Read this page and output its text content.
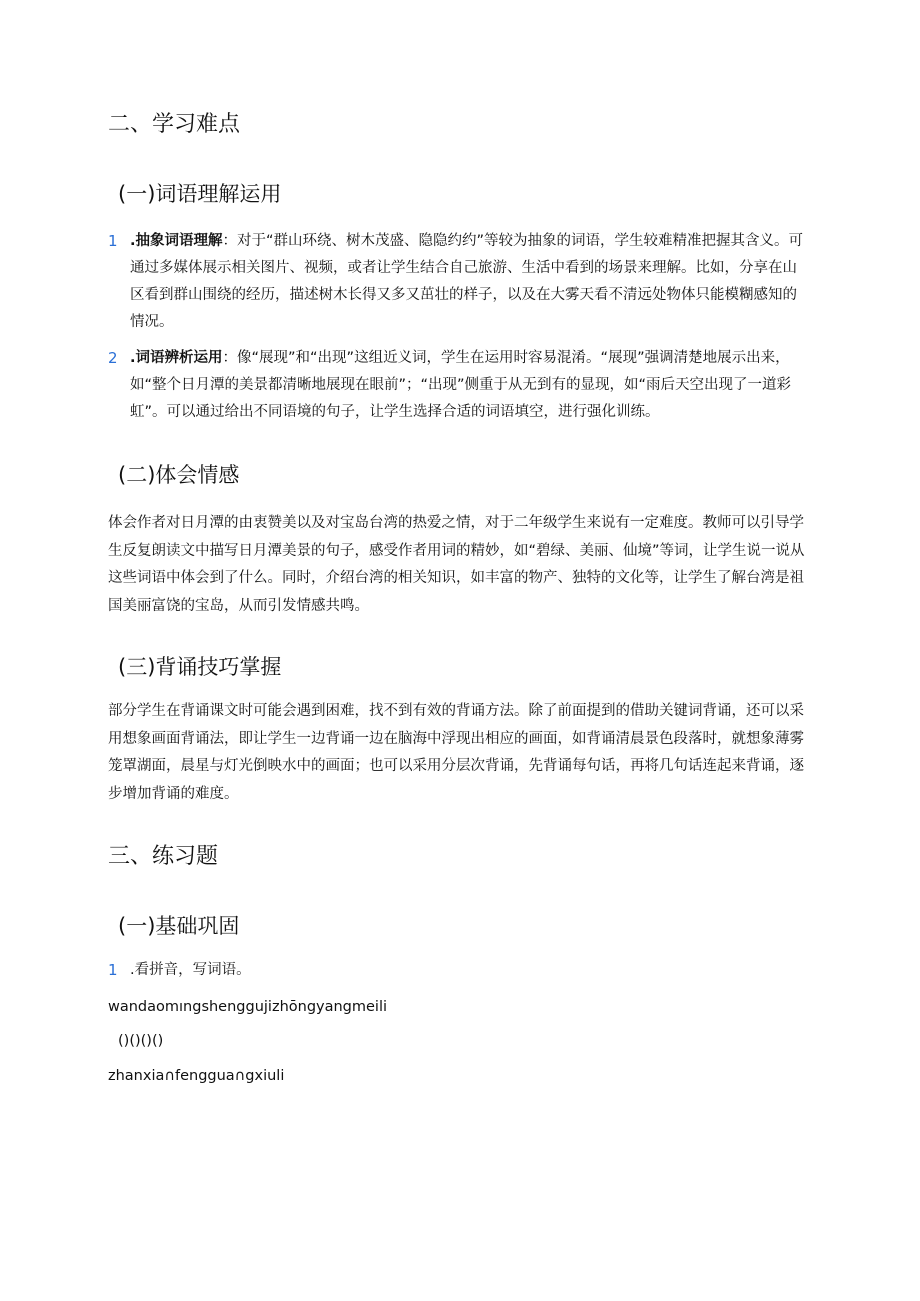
二、学习难点
(一)词语理解运用
1 .抽象词语理解：对于“群山环绕、树木茂盛、隐隐约约”等较为抽象的词语，学生较难精准把握其含义。可通过多媒体展示相关图片、视频，或者让学生结合自己旅游、生活中看到的场景来理解。比如，分享在山区看到群山围绕的经历，描述树木长得又多又茁壮的样子，以及在大雾天看不清远处物体只能模糊感知的情况。
2 .词语辨析运用：像“展现”和“出现”这组近义词，学生在运用时容易混淆。“展现”强调清楚地展示出来，如“整个日月潭的美景都清晰地展现在眼前”；“出现”侧重于从无到有的显现，如“雨后天空出现了一道彩虹”。可以通过给出不同语境的句子，让学生选择合适的词语填空，进行强化训练。
(二)体会情感

体会作者对日月潭的由衷赞美以及对宝岛台湾的热爱之情，对于二年级学生来说有一定难度。教师可以引导学生反复朗读文中描写日月潭美景的句子，感受作者用词的精妙，如“碧绿、美丽、仙境”等词，让学生说一说从这些词语中体会到了什么。同时，介绍台湾的相关知识，如丰富的物产、独特的文化等，让学生了解台湾是祖国美丽富饶的宝岛，从而引发情感共鸣。

(三)背诵技巧掌握

部分学生在背诵课文时可能会遇到困难，找不到有效的背诵方法。除了前面提到的借助关键词背诵，还可以采用想象画面背诵法，即让学生一边背诵一边在脑海中浮现出相应的画面，如背诵清晨景色段落时，就想象薄雾笼罩湖面，晨星与灯光倒映水中的画面；也可以采用分层次背诵，先背诵每句话，再将几句话连起来背诵，逐步增加背诵的难度。

三、练习题
(一)基础巩固
1 .看拼音，写词语。
wandaomıngshenggujizhōngyangmeili
()()()()
zhanxia∩fenggua∩gxiuli
